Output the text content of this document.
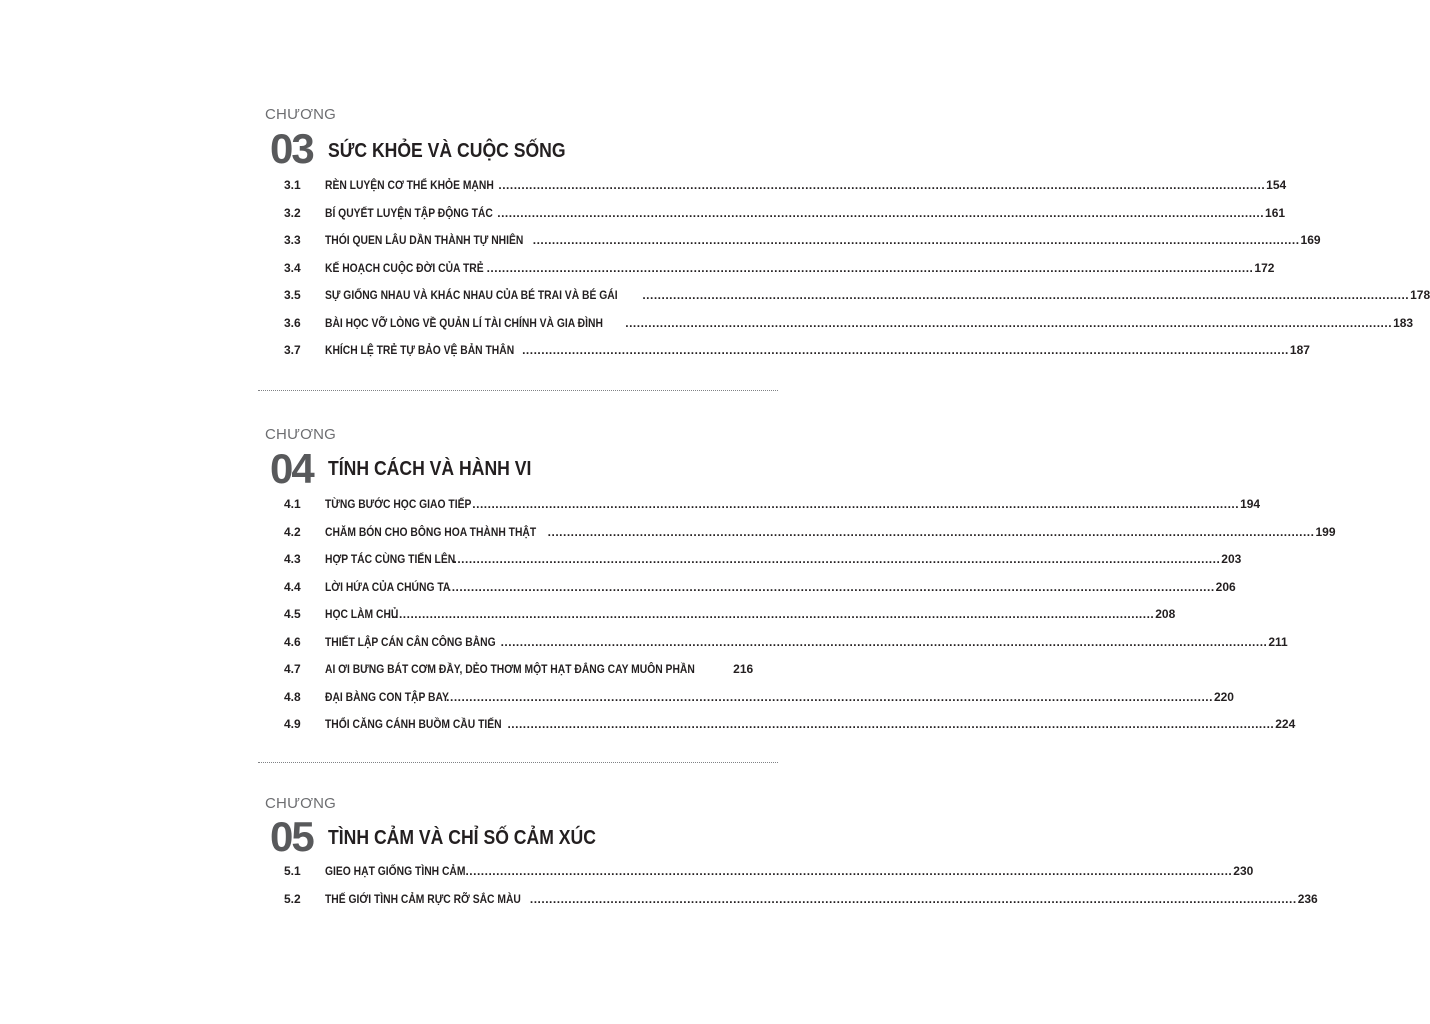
CHƯƠNG
03 SỨC KHỎE VÀ CUỘC SỐNG
3.1 RÈN LUYỆN CƠ THỂ KHỎE MẠNH ........................................................................................................................................................................................................ 154
3.2 BÍ QUYẾT LUYỆN TẬP ĐỘNG TÁC ........................................................................................................................................................................................................ 161
3.3 THÓI QUEN LÂU DẦN THÀNH TỰ NHIÊN ........................................................................................................................................................................................................ 169
3.4 KẾ HOẠCH CUỘC ĐỜI CỦA TRẺ ........................................................................................................................................................................................................ 172
3.5 SỰ GIỐNG NHAU VÀ KHÁC NHAU CỦA BÉ TRAI VÀ BÉ GÁI ........................................................................................................................................................................................................ 178
3.6 BÀI HỌC VỠ LÒNG VỀ QUẢN LÍ TÀI CHÍNH VÀ GIA ĐÌNH ........................................................................................................................................................................................................ 183
3.7 KHÍCH LỆ TRẺ TỰ BẢO VỆ BẢN THÂN ........................................................................................................................................................................................................ 187
CHƯƠNG
04 TÍNH CÁCH VÀ HÀNH VI
4.1 TỪNG BƯỚC HỌC GIAO TIẾP ........................................................................................................................................................................................................ 194
4.2 CHĂM BÓN CHO BÔNG HOA THÀNH THẬT ........................................................................................................................................................................................................ 199
4.3 HỢP TÁC CÙNG TIẾN LÊN
........................................................................................................................................................................................................ 203
4.4 LỜI HỨA CỦA CHÚNG TA
........................................................................................................................................................................................................ 206
4.5 HỌC LÀM CHỦ
........................................................................................................................................................................................................ 208
4.6 THIẾT LẬP CÁN CÂN CÔNG BẰNG ........................................................................................................................................................................................................ 211
4.7 AI ƠI BƯNG BÁT CƠM ĐẦY, DẺO THƠM MỘT HẠT ĐẮNG CAY MUÔN PHẦN	216
4.8 ĐẠI BÀNG CON TẬP BAY
........................................................................................................................................................................................................ 220
4.9 THỔI CĂNG CÁNH BUỒM CẦU TIẾN ........................................................................................................................................................................................................ 224
CHƯƠNG
05 TÌNH CẢM VÀ CHỈ SỐ CẢM XÚC
5.1 GIEO HẠT GIỐNG TÌNH CẢM ........................................................................................................................................................................................................ 230
5.2 THẾ GIỚI TÌNH CẢM RỰC RỠ SẮC MÀU ........................................................................................................................................................................................................ 236
